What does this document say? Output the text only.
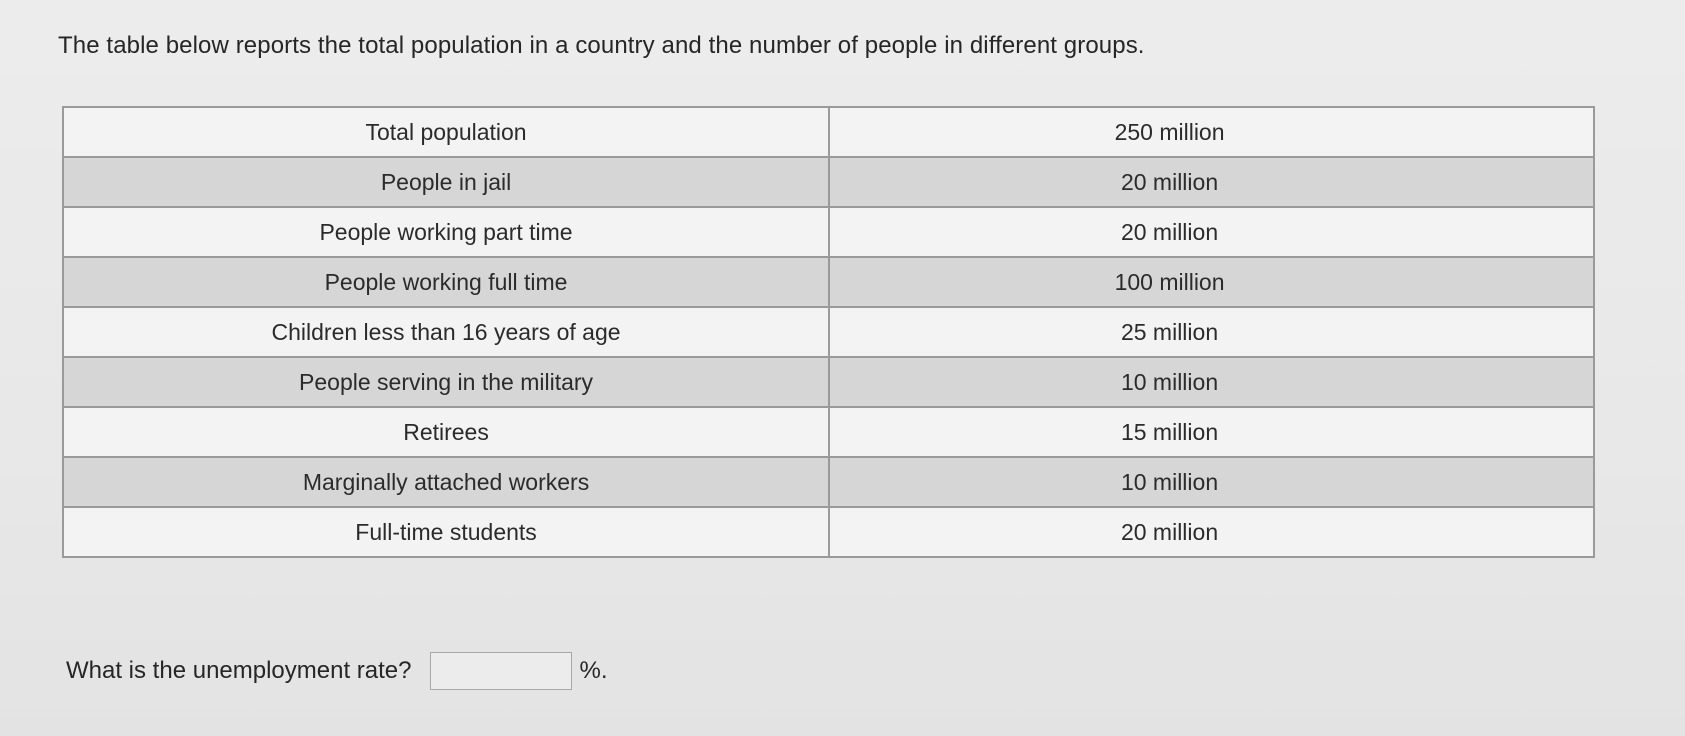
The table below reports the total population in a country and the number of people in different groups.

Total population	250 million
People in jail	20 million
People working part time	20 million
People working full time	100 million
Children less than 16 years of age	25 million
People serving in the military	10 million
Retirees	15 million
Marginally attached workers	10 million
Full-time students	20 million
What is the unemployment rate?	%.
